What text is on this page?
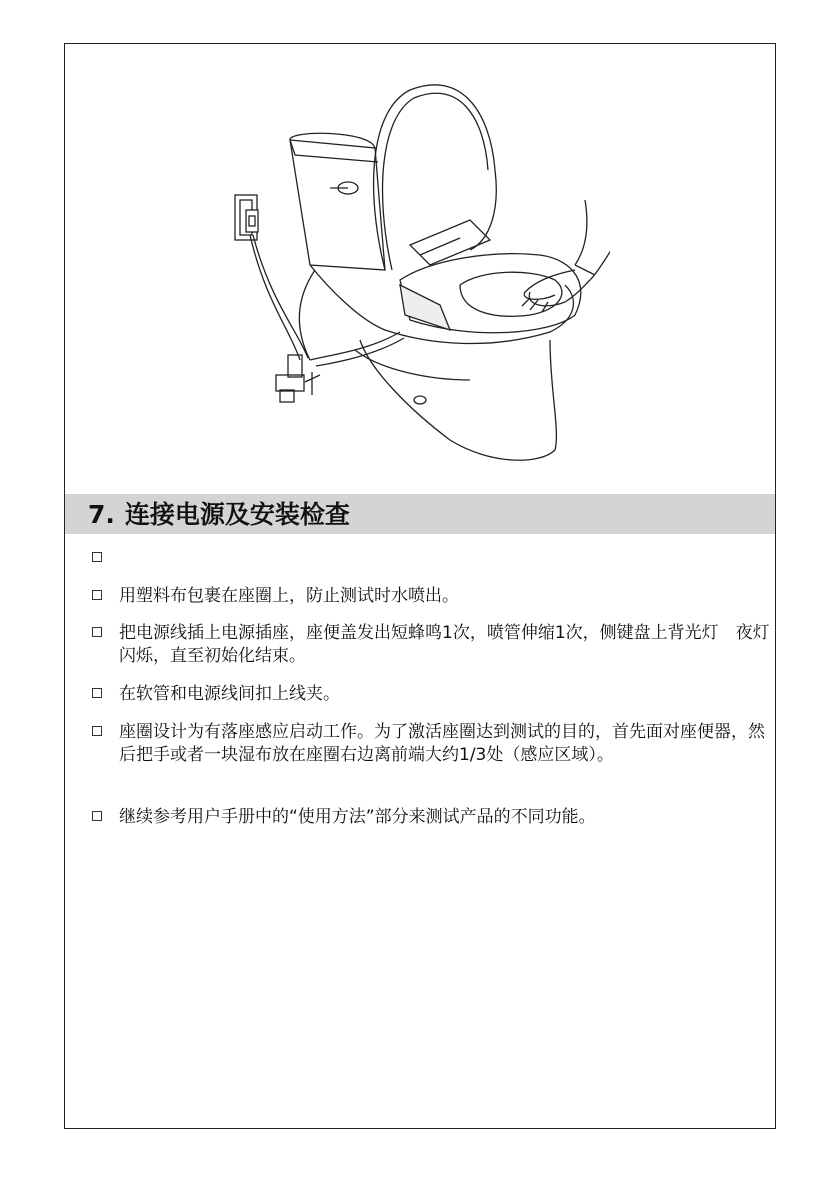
7. 连接电源及安装检查
用塑料布包裹在座圈上，防止测试时水喷出。
把电源线插上电源插座，座便盖发出短蜂鸣1次，喷管伸缩1次，侧键盘上背光灯　夜灯闪烁，直至初始化结束。
在软管和电源线间扣上线夹。
座圈设计为有落座感应启动工作。为了激活座圈达到测试的目的，首先面对座便器，然后把手或者一块湿布放在座圈右边离前端大约1/3处（感应区域）。
继续参考用户手册中的“使用方法”部分来测试产品的不同功能。
